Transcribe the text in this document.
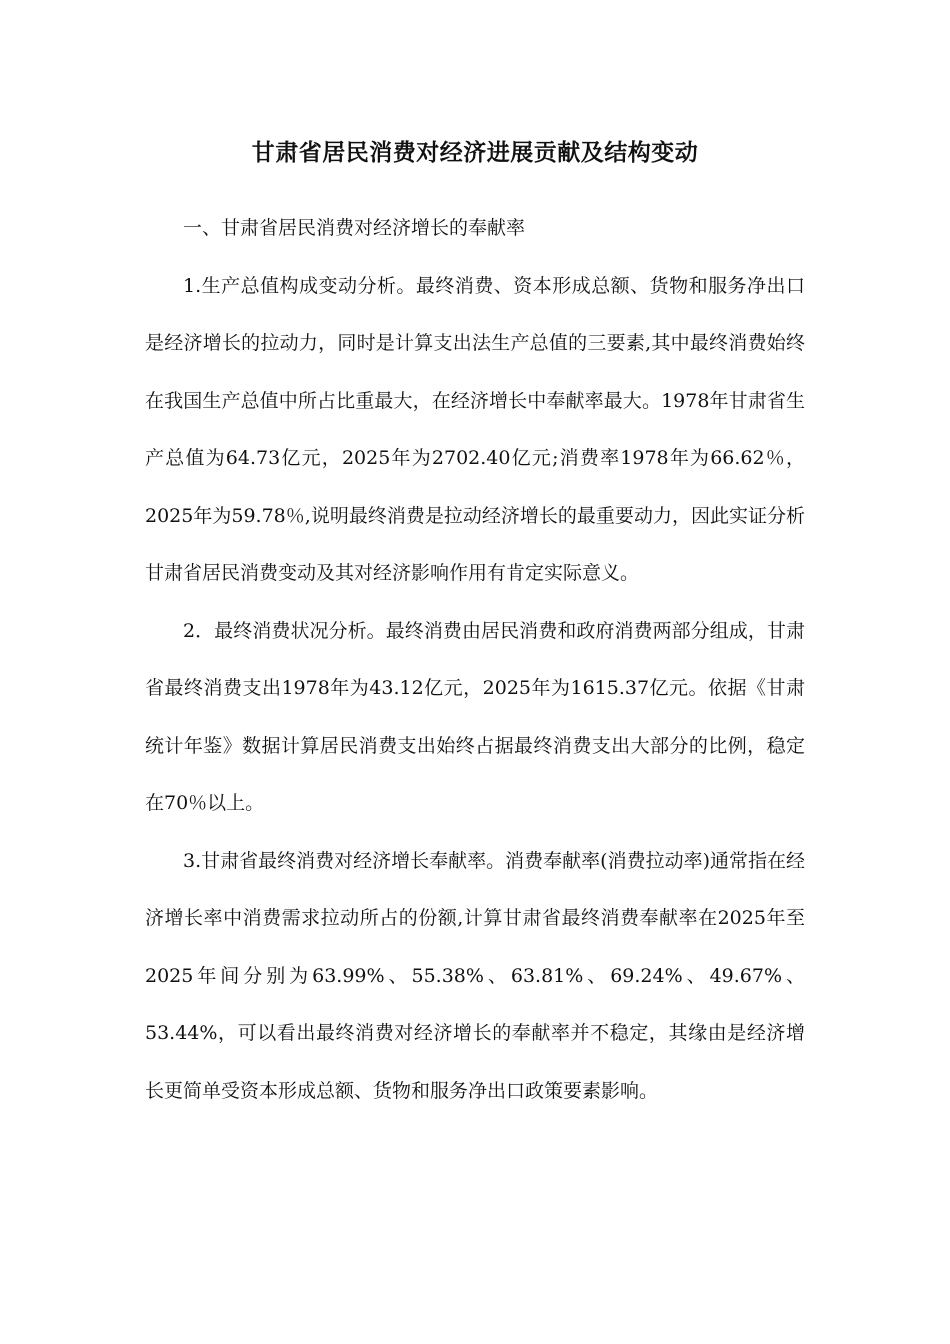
甘肃省居民消费对经济进展贡献及结构变动

一、甘肃省居民消费对经济增长的奉献率

1.生产总值构成变动分析。最终消费、资本形成总额、货物和服务净出口是经济增长的拉动力，同时是计算支出法生产总值的三要素,其中最终消费始终在我国生产总值中所占比重最大，在经济增长中奉献率最大。1978年甘肃省生产总值为64.73亿元，2025年为2702.40亿元;消费率1978年为66.62％，2025年为59.78％,说明最终消费是拉动经济增长的最重要动力，因此实证分析甘肃省居民消费变动及其对经济影响作用有肯定实际意义。

2．最终消费状况分析。最终消费由居民消费和政府消费两部分组成，甘肃省最终消费支出1978年为43.12亿元，2025年为1615.37亿元。依据《甘肃统计年鉴》数据计算居民消费支出始终占据最终消费支出大部分的比例，稳定在70％以上。

3.甘肃省最终消费对经济增长奉献率。消费奉献率(消费拉动率)通常指在经济增长率中消费需求拉动所占的份额,计算甘肃省最终消费奉献率在2025年至2025年间分别为63.99%、55.38%、63.81%、69.24%、49.67%、53.44%，可以看出最终消费对经济增长的奉献率并不稳定，其缘由是经济增长更简单受资本形成总额、货物和服务净出口政策要素影响。
